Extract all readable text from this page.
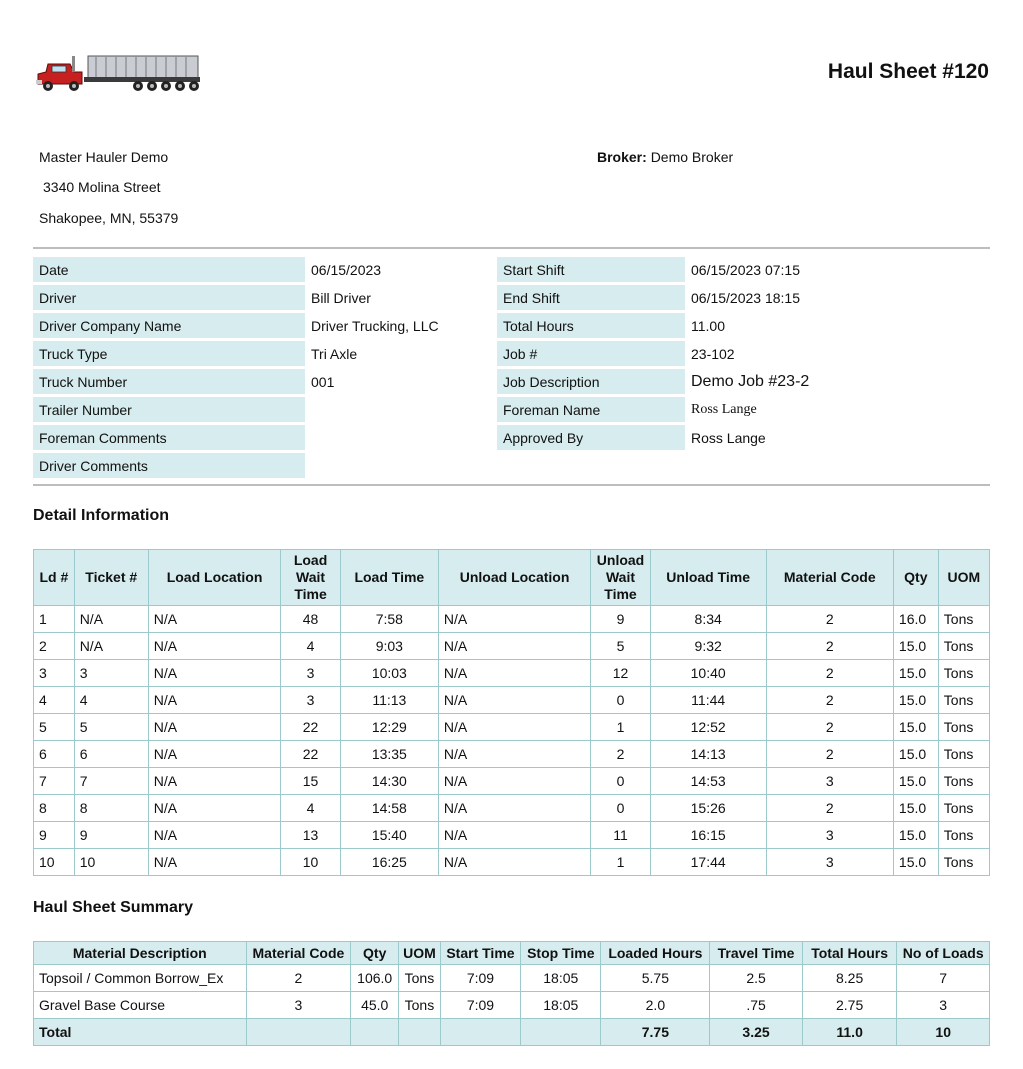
Haul Sheet #120
Master Hauler Demo
3340 Molina Street
Shakopee, MN, 55379
Broker: Demo Broker
Date	06/15/2023
Driver	Bill Driver
Driver Company Name	Driver Trucking, LLC
Truck Type	Tri Axle
Truck Number	001
Trailer Number	
Foreman Comments	
Driver Comments	
Start Shift	06/15/2023 07:15
End Shift	06/15/2023 18:15
Total Hours	11.00
Job #	23-102
Job Description	Demo Job #23-2
Foreman Name	Ross Lange
Approved By	Ross Lange
Detail Information
Ld #	Ticket #	Load Location	Load Wait Time	Load Time	Unload Location	Unload Wait Time	Unload Time	Material Code	Qty	UOM
1	N/A	N/A	48	7:58	N/A	9	8:34	2	16.0	Tons
2	N/A	N/A	4	9:03	N/A	5	9:32	2	15.0	Tons
3	3	N/A	3	10:03	N/A	12	10:40	2	15.0	Tons
4	4	N/A	3	11:13	N/A	0	11:44	2	15.0	Tons
5	5	N/A	22	12:29	N/A	1	12:52	2	15.0	Tons
6	6	N/A	22	13:35	N/A	2	14:13	2	15.0	Tons
7	7	N/A	15	14:30	N/A	0	14:53	3	15.0	Tons
8	8	N/A	4	14:58	N/A	0	15:26	2	15.0	Tons
9	9	N/A	13	15:40	N/A	11	16:15	3	15.0	Tons
10	10	N/A	10	16:25	N/A	1	17:44	3	15.0	Tons
Haul Sheet Summary
Material Description	Material Code	Qty	UOM	Start Time	Stop Time	Loaded Hours	Travel Time	Total Hours	No of Loads
Topsoil / Common Borrow_Ex	2	106.0	Tons	7:09	18:05	5.75	2.5	8.25	7
Gravel Base Course	3	45.0	Tons	7:09	18:05	2.0	.75	2.75	3
Total						7.75	3.25	11.0	10
